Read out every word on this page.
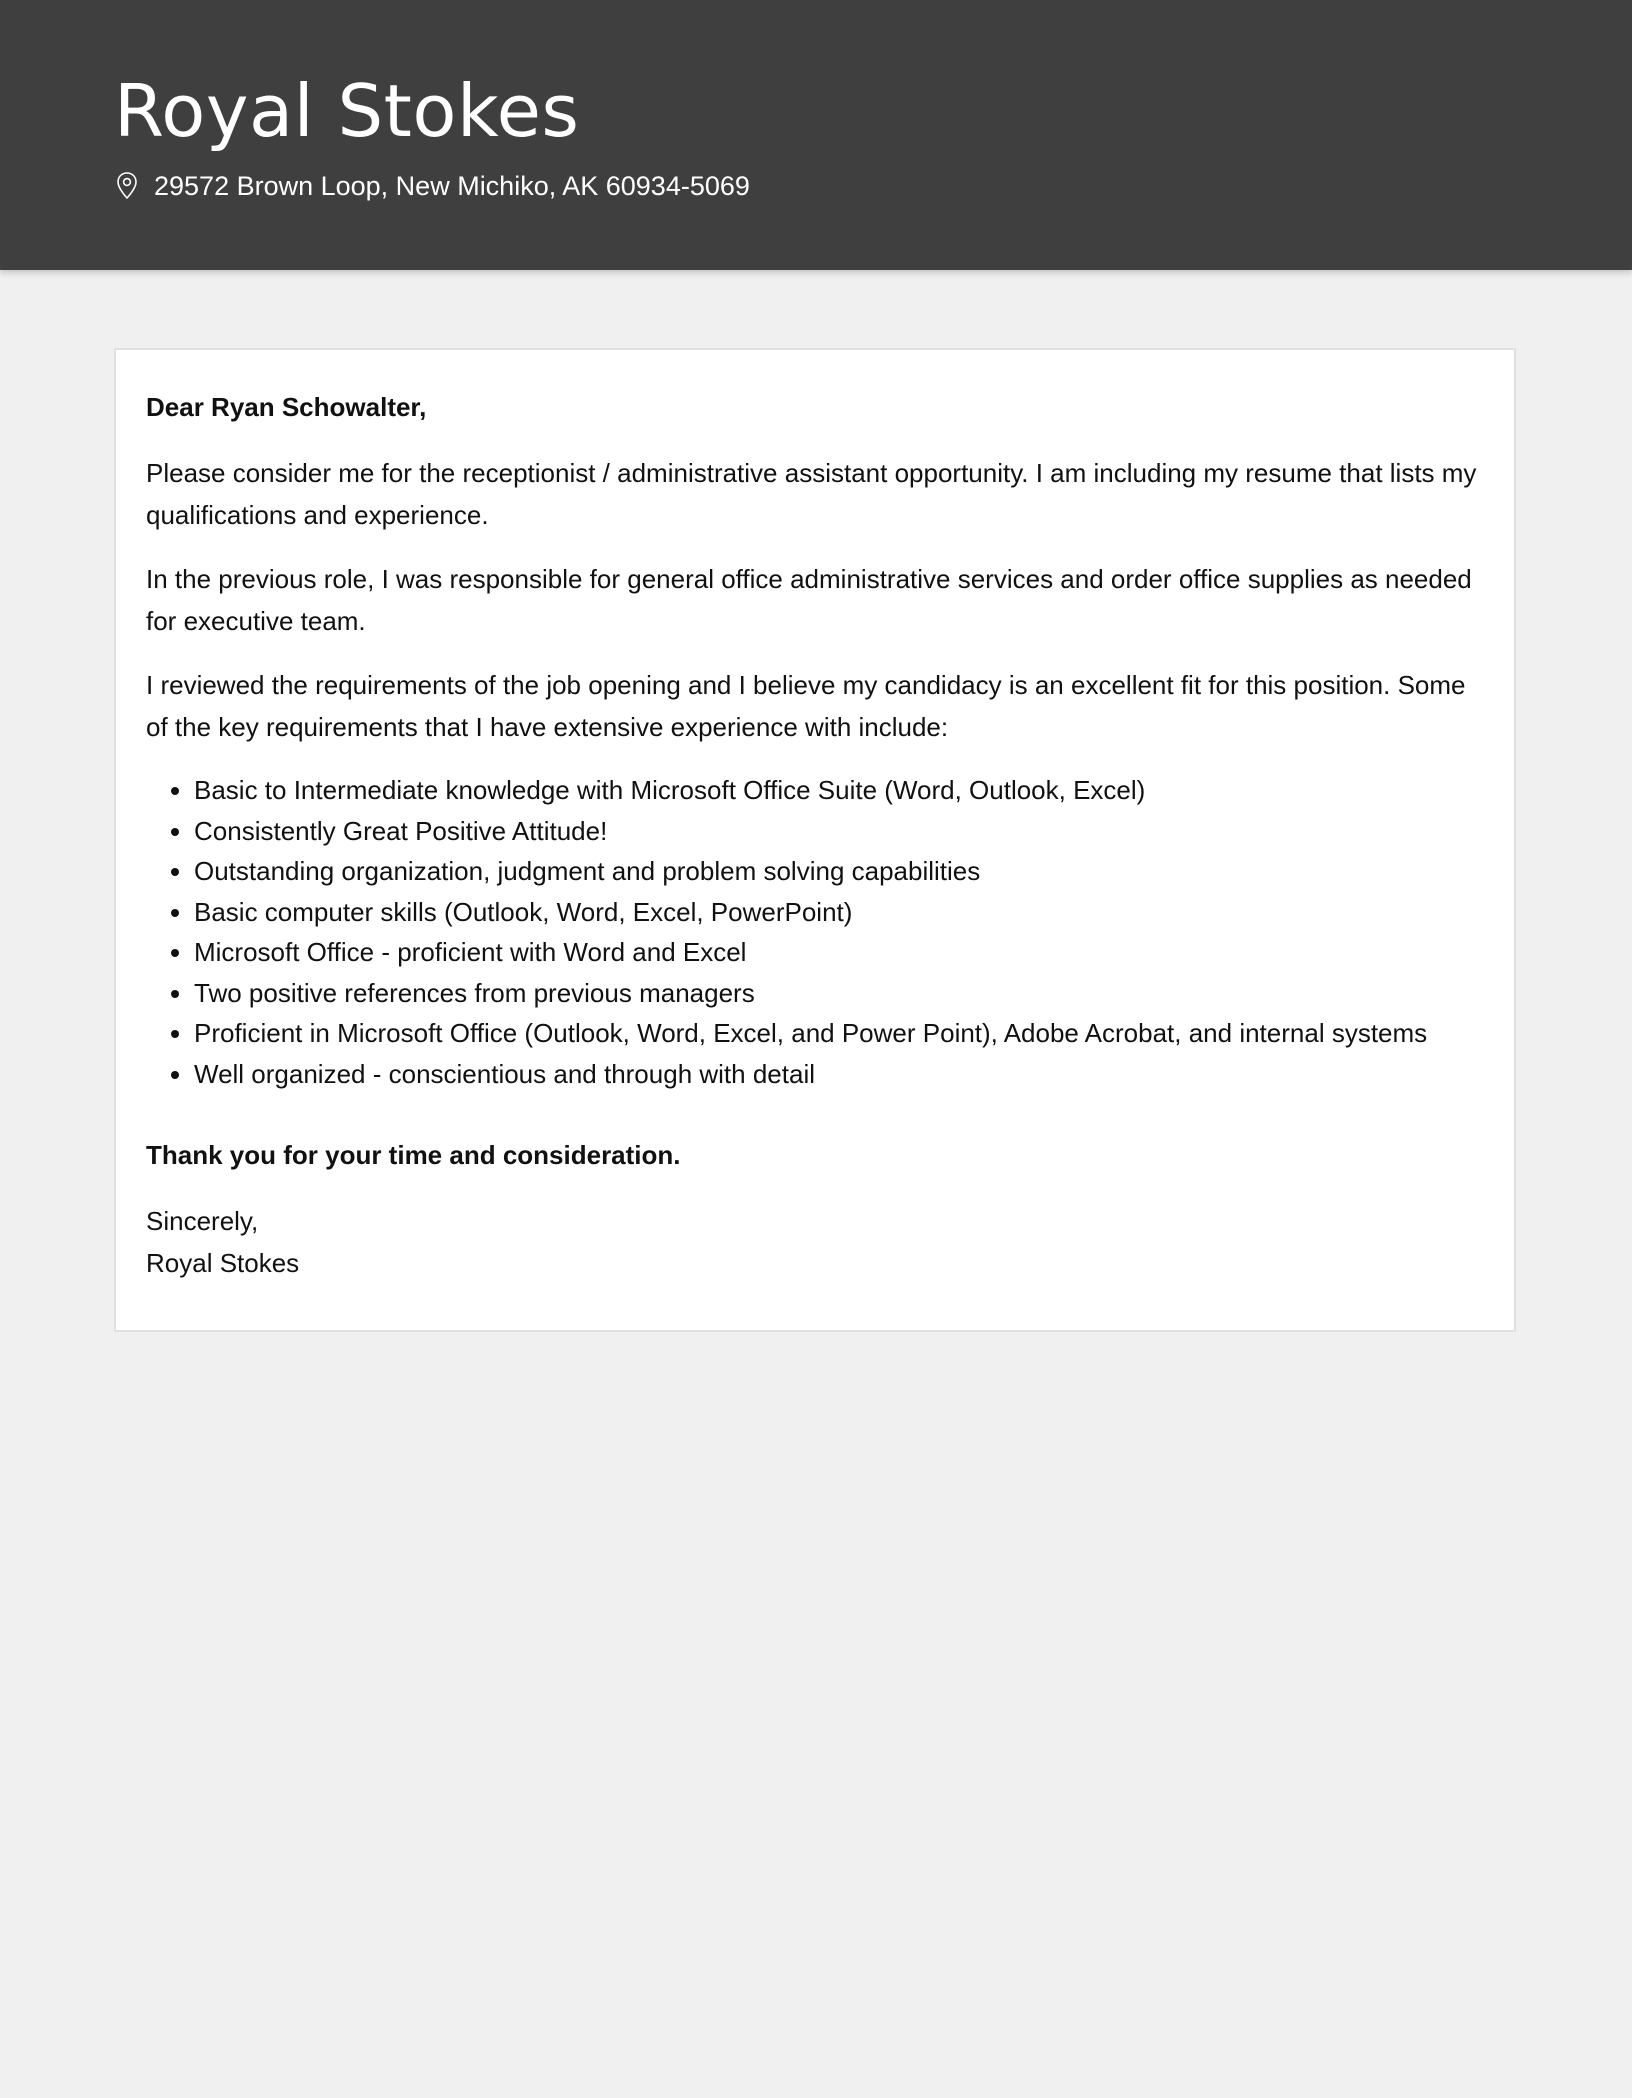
Royal Stokes
29572 Brown Loop, New Michiko, AK 60934-5069

Dear Ryan Schowalter,

Please consider me for the receptionist / administrative assistant opportunity. I am including my resume that lists my qualifications and experience.

In the previous role, I was responsible for general office administrative services and order office supplies as needed for executive team.

I reviewed the requirements of the job opening and I believe my candidacy is an excellent fit for this position. Some of the key requirements that I have extensive experience with include:

• Basic to Intermediate knowledge with Microsoft Office Suite (Word, Outlook, Excel)
• Consistently Great Positive Attitude!
• Outstanding organization, judgment and problem solving capabilities
• Basic computer skills (Outlook, Word, Excel, PowerPoint)
• Microsoft Office - proficient with Word and Excel
• Two positive references from previous managers
• Proficient in Microsoft Office (Outlook, Word, Excel, and Power Point), Adobe Acrobat, and internal systems
• Well organized - conscientious and through with detail

Thank you for your time and consideration.

Sincerely,

Royal Stokes
